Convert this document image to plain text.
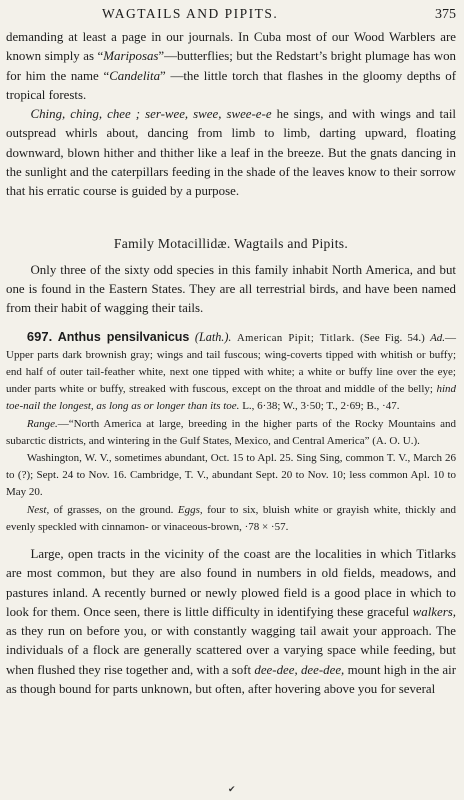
WAGTAILS AND PIPITS.	375

demanding at least a page in our journals. In Cuba most of our Wood Warblers are known simply as “Mariposas”—butterflies; but the Redstart’s bright plumage has won for him the name “Candelita” —the little torch that flashes in the gloomy depths of tropical forests.

Ching, ching, chee ; ser-wee, swee, swee-e-e he sings, and with wings and tail outspread whirls about, dancing from limb to limb, darting upward, floating downward, blown hither and thither like a leaf in the breeze. But the gnats dancing in the sunlight and the caterpillars feeding in the shade of the leaves know to their sorrow that his erratic course is guided by a purpose.

Family Motacillidæ. Wagtails and Pipits.

Only three of the sixty odd species in this family inhabit North America, and but one is found in the Eastern States. They are all terrestrial birds, and have been named from their habit of wagging their tails.

697. Anthus pensilvanicus (Lath.). American Pipit; Titlark. (See Fig. 54.) Ad.—Upper parts dark brownish gray; wings and tail fuscous; wing-coverts tipped with whitish or buffy; end half of outer tail-feather white, next one tipped with white; a white or buffy line over the eye; under parts white or buffy, streaked with fuscous, except on the throat and middle of the belly; hind toe-nail the longest, as long as or longer than its toe. L., 6·38; W., 3·50; T., 2·69; B., ·47.

Range.—“North America at large, breeding in the higher parts of the Rocky Mountains and subarctic districts, and wintering in the Gulf States, Mexico, and Central America” (A. O. U.).

Washington, W. V., sometimes abundant, Oct. 15 to Apl. 25. Sing Sing, common T. V., March 26 to (?); Sept. 24 to Nov. 16. Cambridge, T. V., abundant Sept. 20 to Nov. 10; less common Apl. 10 to May 20.

Nest, of grasses, on the ground. Eggs, four to six, bluish white or grayish white, thickly and evenly speckled with cinnamon- or vinaceous-brown, ·78 × ·57.

Large, open tracts in the vicinity of the coast are the localities in which Titlarks are most common, but they are also found in numbers in old fields, meadows, and pastures inland. A recently burned or newly plowed field is a good place in which to look for them. Once seen, there is little difficulty in identifying these graceful walkers, as they run on before you, or with constantly wagging tail await your approach. The individuals of a flock are generally scattered over a varying space while feeding, but when flushed they rise together and, with a soft dee-dee, dee-dee, mount high in the air as though bound for parts unknown, but often, after hovering above you for several

✔
